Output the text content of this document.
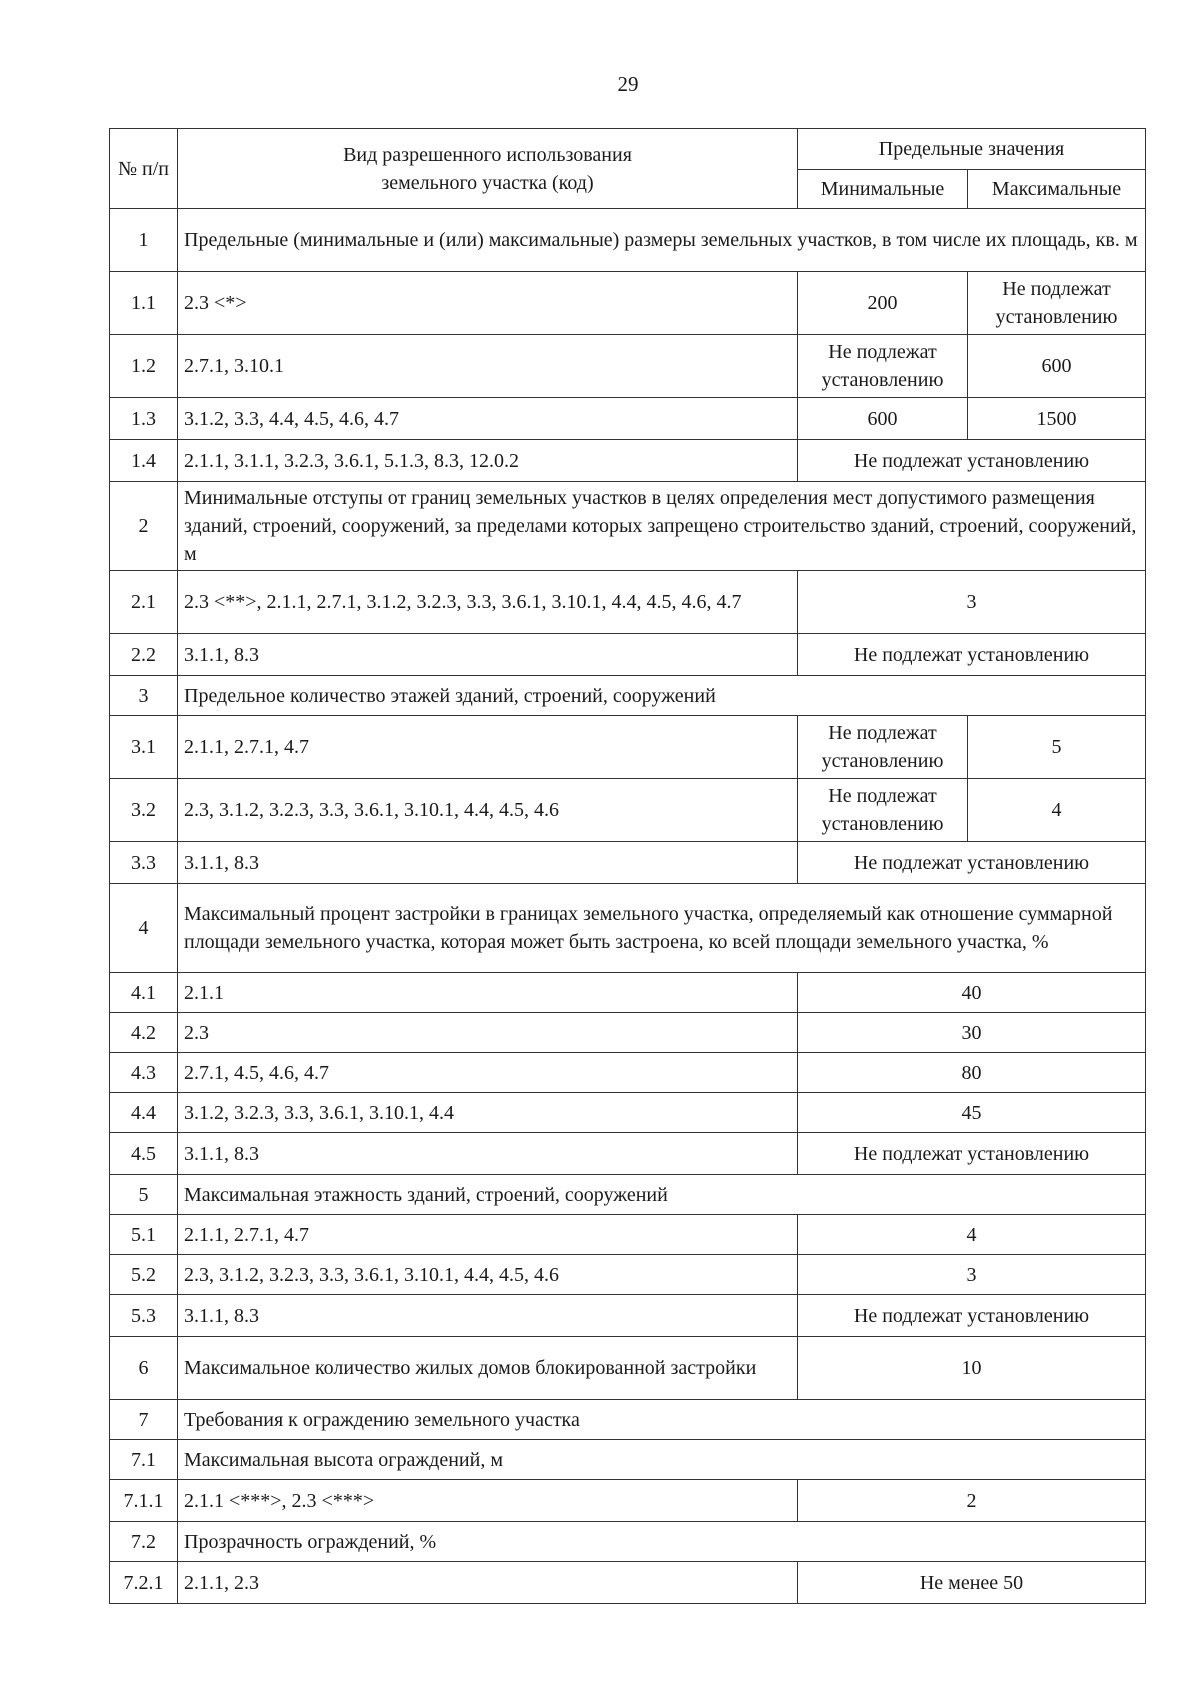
29
№ п/п	Вид разрешенного использования земельного участка (код)	Предельные значения	
		Минимальные	Максимальные
1	Предельные (минимальные и (или) максимальные) размеры земельных участков, в том числе их площадь, кв. м		
1.1	2.3 <*>	200	Не подлежат установлению
1.2	2.7.1, 3.10.1	Не подлежат установлению	600
1.3	3.1.2, 3.3, 4.4, 4.5, 4.6, 4.7	600	1500
1.4	2.1.1, 3.1.1, 3.2.3, 3.6.1, 5.1.3, 8.3, 12.0.2	Не подлежат установлению	
2	Минимальные отступы от границ земельных участков в целях определения мест допустимого размещения зданий, строений, сооружений, за пределами которых запрещено строительство зданий, строений, сооружений, м		
2.1	2.3 <**>, 2.1.1, 2.7.1, 3.1.2, 3.2.3, 3.3, 3.6.1, 3.10.1, 4.4, 4.5, 4.6, 4.7	3	
2.2	3.1.1, 8.3	Не подлежат установлению	
3	Предельное количество этажей зданий, строений, сооружений		
3.1	2.1.1, 2.7.1, 4.7	Не подлежат установлению	5
3.2	2.3, 3.1.2, 3.2.3, 3.3, 3.6.1, 3.10.1, 4.4, 4.5, 4.6	Не подлежат установлению	4
3.3	3.1.1, 8.3	Не подлежат установлению	
4	Максимальный процент застройки в границах земельного участка, определяемый как отношение суммарной площади земельного участка, которая может быть застроена, ко всей площади земельного участка, %		
4.1	2.1.1	40	
4.2	2.3	30	
4.3	2.7.1, 4.5, 4.6, 4.7	80	
4.4	3.1.2, 3.2.3, 3.3, 3.6.1, 3.10.1, 4.4	45	
4.5	3.1.1, 8.3	Не подлежат установлению	
5	Максимальная этажность зданий, строений, сооружений		
5.1	2.1.1, 2.7.1, 4.7	4	
5.2	2.3, 3.1.2, 3.2.3, 3.3, 3.6.1, 3.10.1, 4.4, 4.5, 4.6	3	
5.3	3.1.1, 8.3	Не подлежат установлению	
6	Максимальное количество жилых домов блокированной застройки	10	
7	Требования к ограждению земельного участка		
7.1	Максимальная высота ограждений, м		
7.1.1	2.1.1 <***>, 2.3 <***>	2	
7.2	Прозрачность ограждений, %		
7.2.1	2.1.1, 2.3	Не менее 50	
